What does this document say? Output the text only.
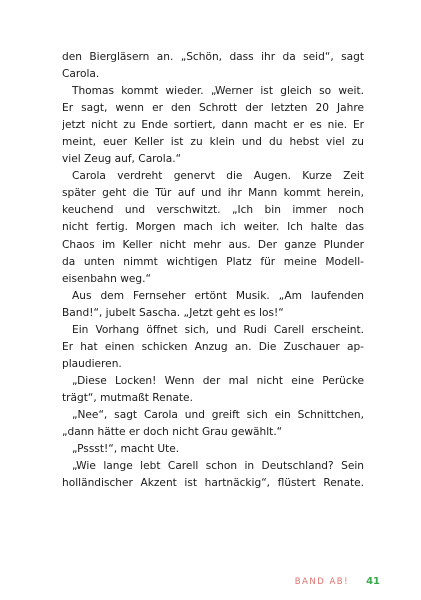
den Biergläsern an. „Schön, dass ihr da seid“, sagt
Carola.
Thomas kommt wieder. „Werner ist gleich so weit.
Er sagt, wenn er den Schrott der letzten 20 Jahre
jetzt nicht zu Ende sortiert, dann macht er es nie. Er
meint, euer Keller ist zu klein und du hebst viel zu
viel Zeug auf, Carola.“
Carola verdreht genervt die Augen. Kurze Zeit
später geht die Tür auf und ihr Mann kommt herein,
keuchend und verschwitzt. „Ich bin immer noch
nicht fertig. Morgen mach ich weiter. Ich halte das
Chaos im Keller nicht mehr aus. Der ganze Plunder
da unten nimmt wichtigen Platz für meine Modell-
eisenbahn weg.“
Aus dem Fernseher ertönt Musik. „Am laufenden
Band!“, jubelt Sascha. „Jetzt geht es los!“
Ein Vorhang öffnet sich, und Rudi Carell erscheint.
Er hat einen schicken Anzug an. Die Zuschauer ap-
plaudieren.
„Diese Locken! Wenn der mal nicht eine Perücke
trägt“, mutmaßt Renate.
„Nee“, sagt Carola und greift sich ein Schnittchen,
„dann hätte er doch nicht Grau gewählt.“
„Pssst!“, macht Ute.
„Wie lange lebt Carell schon in Deutschland? Sein
holländischer Akzent ist hartnäckig“, flüstert Renate.
BAND AB! 41
